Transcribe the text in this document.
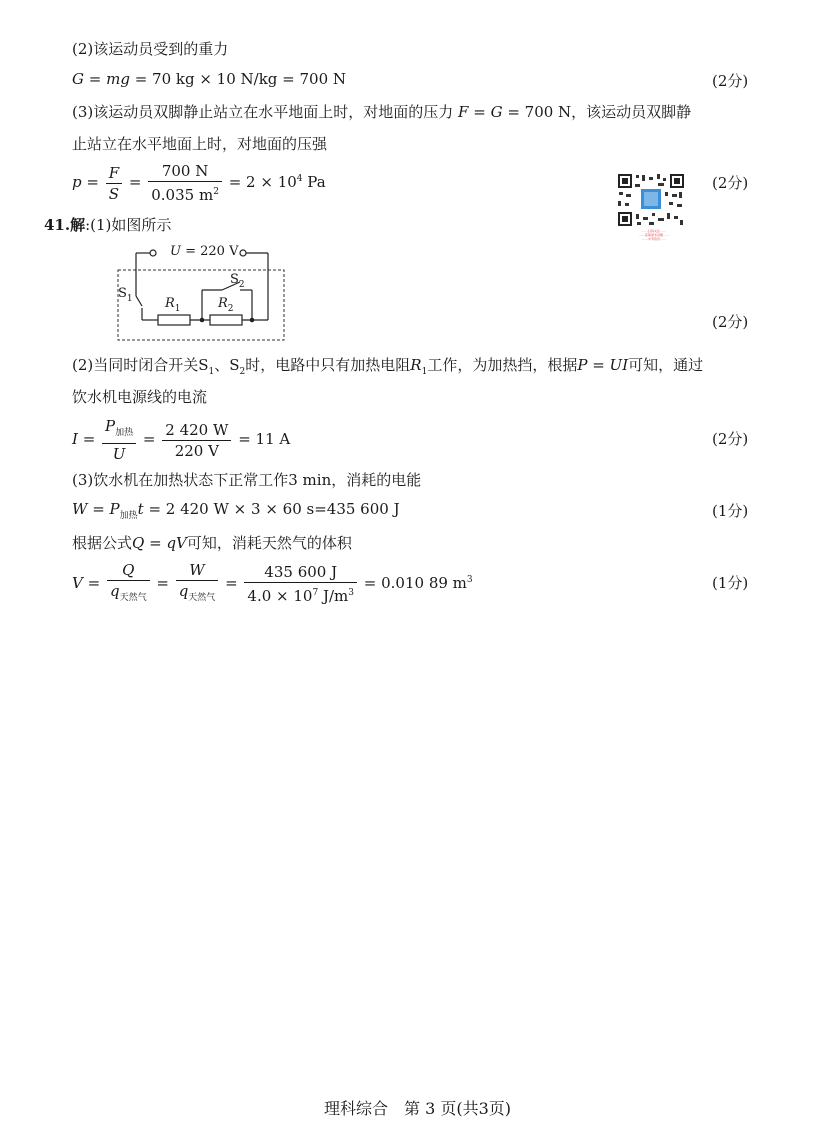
(2)该运动员受到的重力
G = mg = 70 kg × 10 N/kg = 700 N	(2分)
(3)该运动员双脚静止站立在水平地面上时，对地面的压力 F = G = 700 N，该运动员双脚静
止站立在水平地面上时，对地面的压强
$p = \frac{F}{S} = \frac{700 N}{0.035 m^2} = 2 \times 10^4$ Pa	(2分)
……扫码关注……
……获取更多试题……
……中考资讯……
41.解:(1)如图所示
U = 220 V
$S_1$
$S_2$
$R_1$	$R_2$
(2分)
(2)当同时闭合开关$S_1$、$S_2$时，电路中只有加热电阻$R_1$工作，为加热挡，根据P = UI可知，通过
饮水机电源线的电流
$I = \frac{P_{加热}}{U} = \frac{2 420 W}{220 V} = 11$ A	(2分)
(3)饮水机在加热状态下正常工作3 min，消耗的电能
$W = P_{加热}t = 2$ 420 W × 3 × 60 s=435 600 J	(1分)
根据公式Q = qV可知，消耗天然气的体积
$V = \frac{Q}{q_{天然气}} = \frac{W}{q_{天然气}} = \frac{435 600 J}{4.0 \times 10^7 J/m^3} = 0.010$ 89 $m^3$	(1分)
理科综合　第 3 页(共3页)
